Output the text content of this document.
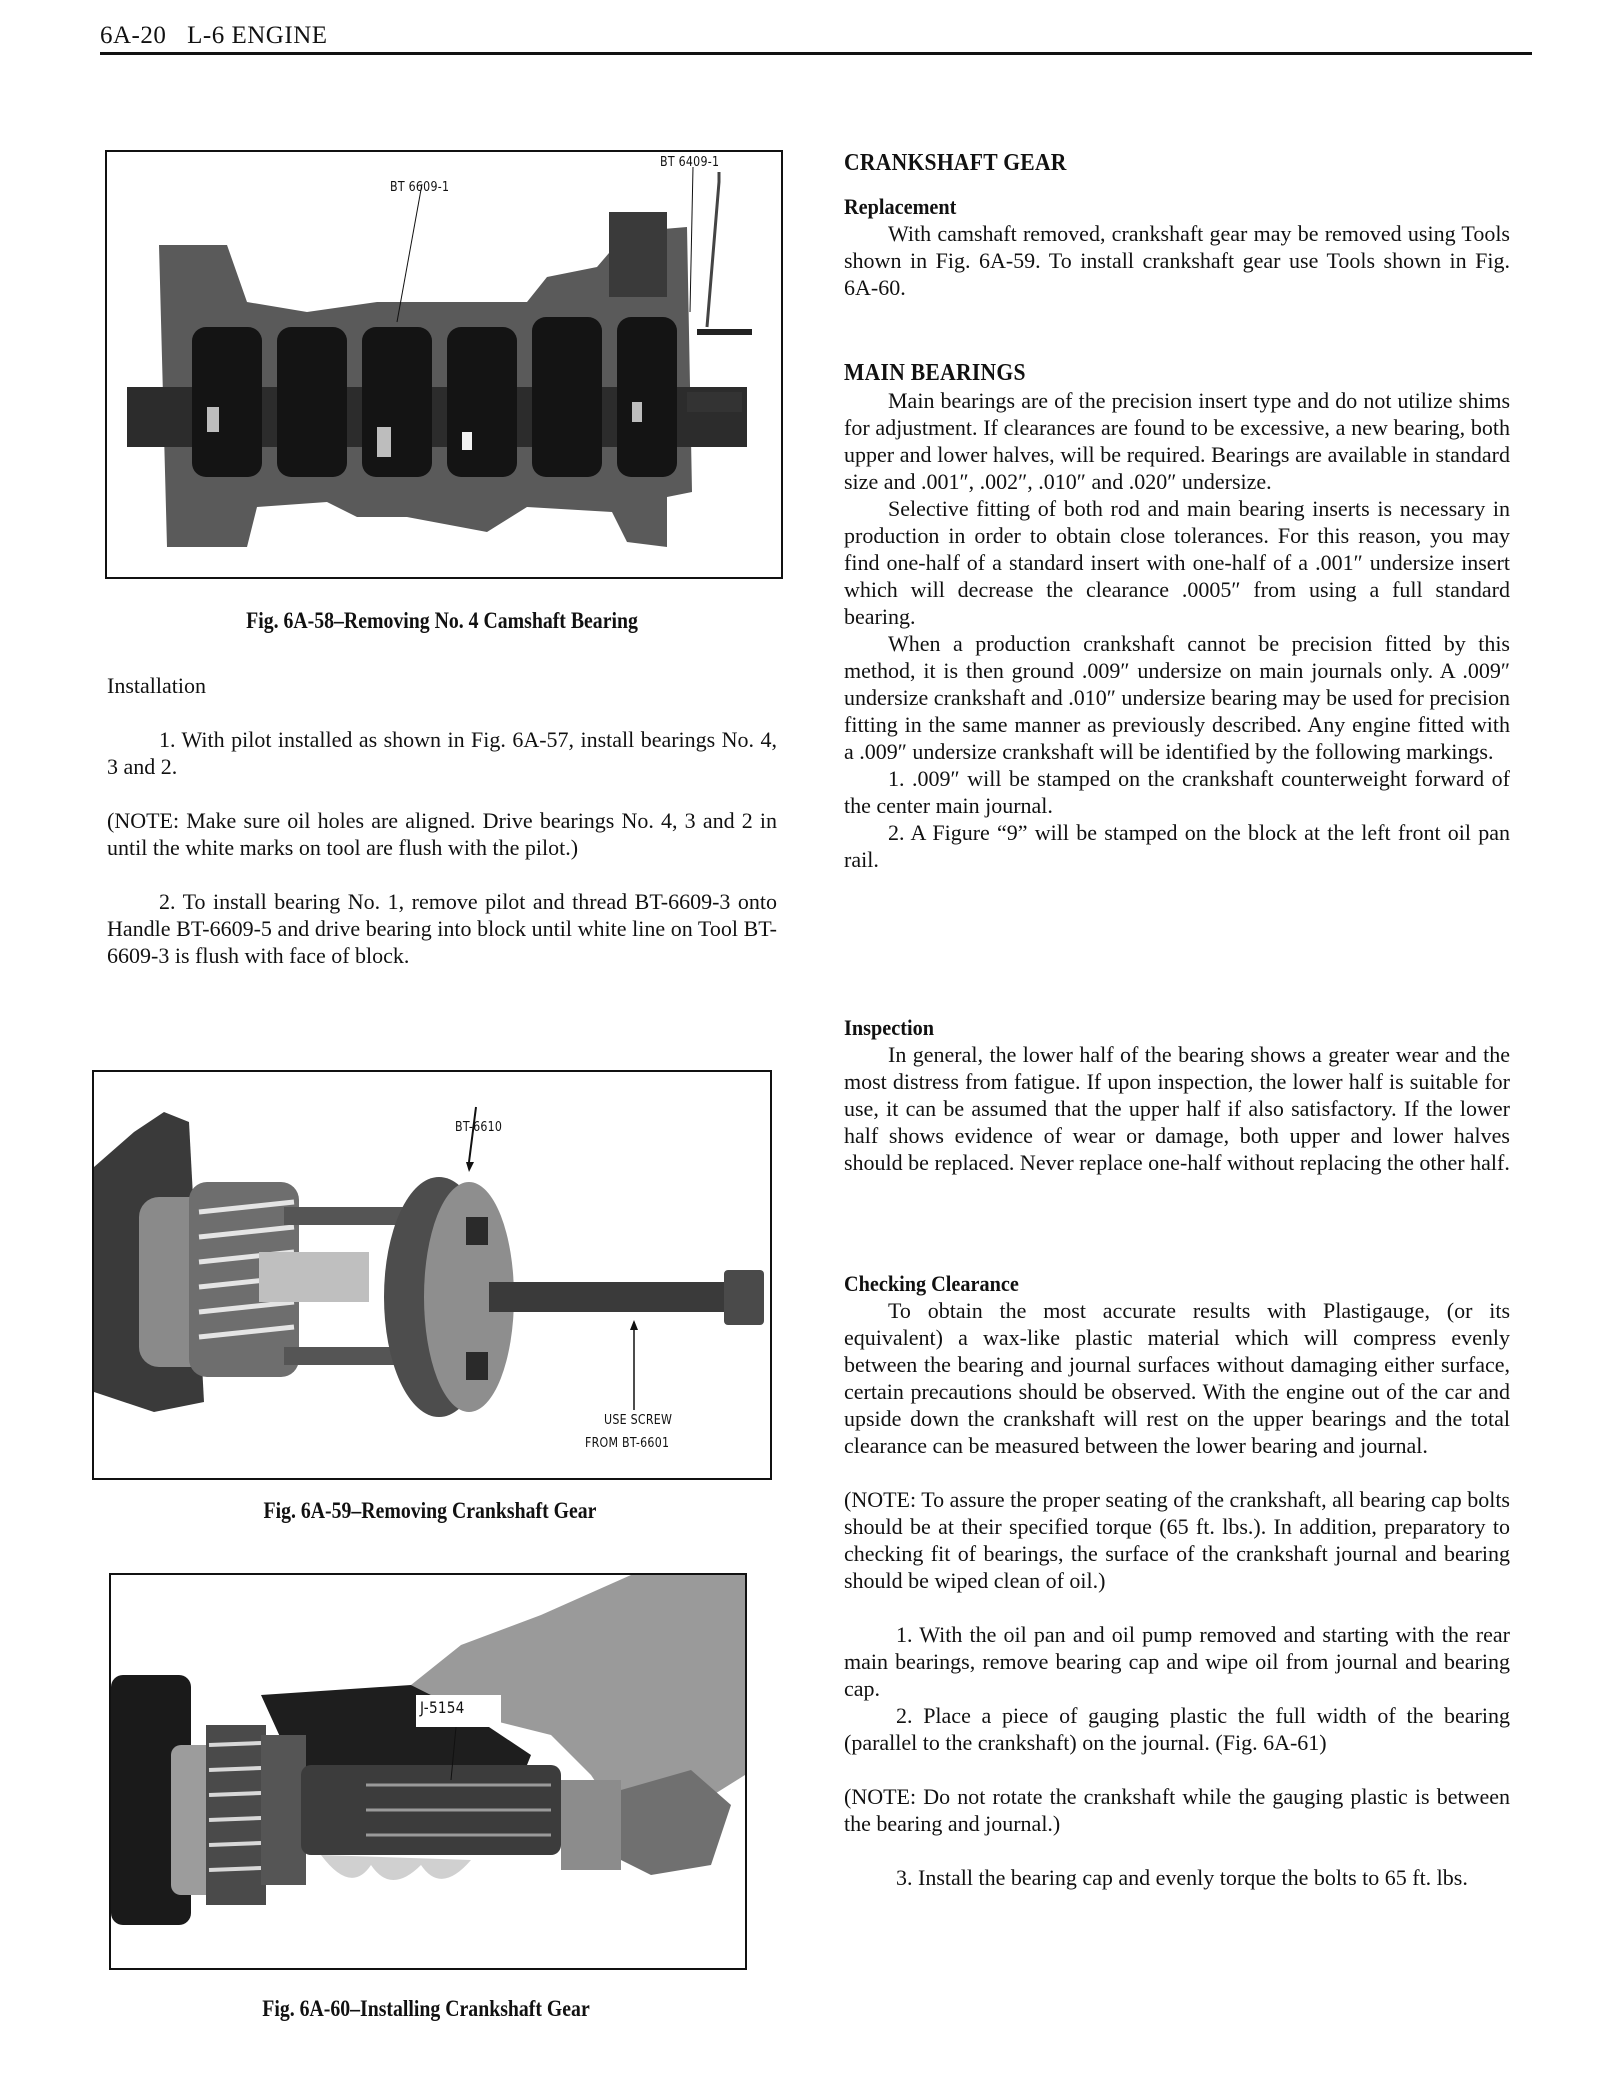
6A-20 L-6 ENGINE
BT 6609-1
BT 6409-1
Fig. 6A-58–Removing No. 4 Camshaft Bearing

Installation

1. With pilot installed as shown in Fig. 6A-57, install bearings No. 4, 3 and 2.

(NOTE: Make sure oil holes are aligned. Drive bearings No. 4, 3 and 2 in until the white marks on tool are flush with the pilot.)

2. To install bearing No. 1, remove pilot and thread BT-6609-3 onto Handle BT-6609-5 and drive bearing into block until white line on Tool BT-6609-3 is flush with face of block.

BT-6610
USE SCREW
FROM BT-6601
Fig. 6A-59–Removing Crankshaft Gear
J-5154
Fig. 6A-60–Installing Crankshaft Gear

CRANKSHAFT GEAR

Replacement

With camshaft removed, crankshaft gear may be removed using Tools shown in Fig. 6A-59. To install crankshaft gear use Tools shown in Fig. 6A-60.

MAIN BEARINGS

Main bearings are of the precision insert type and do not utilize shims for adjustment. If clearances are found to be excessive, a new bearing, both upper and lower halves, will be required. Bearings are available in standard size and .001″, .002″, .010″ and .020″ undersize.

Selective fitting of both rod and main bearing inserts is necessary in production in order to obtain close tolerances. For this reason, you may find one-half of a standard insert with one-half of a .001″ undersize insert which will decrease the clearance .0005″ from using a full standard bearing.

When a production crankshaft cannot be precision fitted by this method, it is then ground .009″ undersize on main journals only. A .009″ undersize crankshaft and .010″ undersize bearing may be used for precision fitting in the same manner as previously described. Any engine fitted with a .009″ undersize crankshaft will be identified by the following markings.

1. .009″ will be stamped on the crankshaft counterweight forward of the center main journal.

2. A Figure “9” will be stamped on the block at the left front oil pan rail.

Inspection

In general, the lower half of the bearing shows a greater wear and the most distress from fatigue. If upon inspection, the lower half is suitable for use, it can be assumed that the upper half if also satisfactory. If the lower half shows evidence of wear or damage, both upper and lower halves should be replaced. Never replace one-half without replacing the other half.

Checking Clearance

To obtain the most accurate results with Plastigauge, (or its equivalent) a wax-like plastic material which will compress evenly between the bearing and journal surfaces without damaging either surface, certain precautions should be observed. With the engine out of the car and upside down the crankshaft will rest on the upper bearings and the total clearance can be measured between the lower bearing and journal.

(NOTE: To assure the proper seating of the crankshaft, all bearing cap bolts should be at their specified torque (65 ft. lbs.). In addition, preparatory to checking fit of bearings, the surface of the crankshaft journal and bearing should be wiped clean of oil.)

1. With the oil pan and oil pump removed and starting with the rear main bearings, remove bearing cap and wipe oil from journal and bearing cap.

2. Place a piece of gauging plastic the full width of the bearing (parallel to the crankshaft) on the journal. (Fig. 6A-61)

(NOTE: Do not rotate the crankshaft while the gauging plastic is between the bearing and journal.)

3. Install the bearing cap and evenly torque the bolts to 65 ft. lbs.
